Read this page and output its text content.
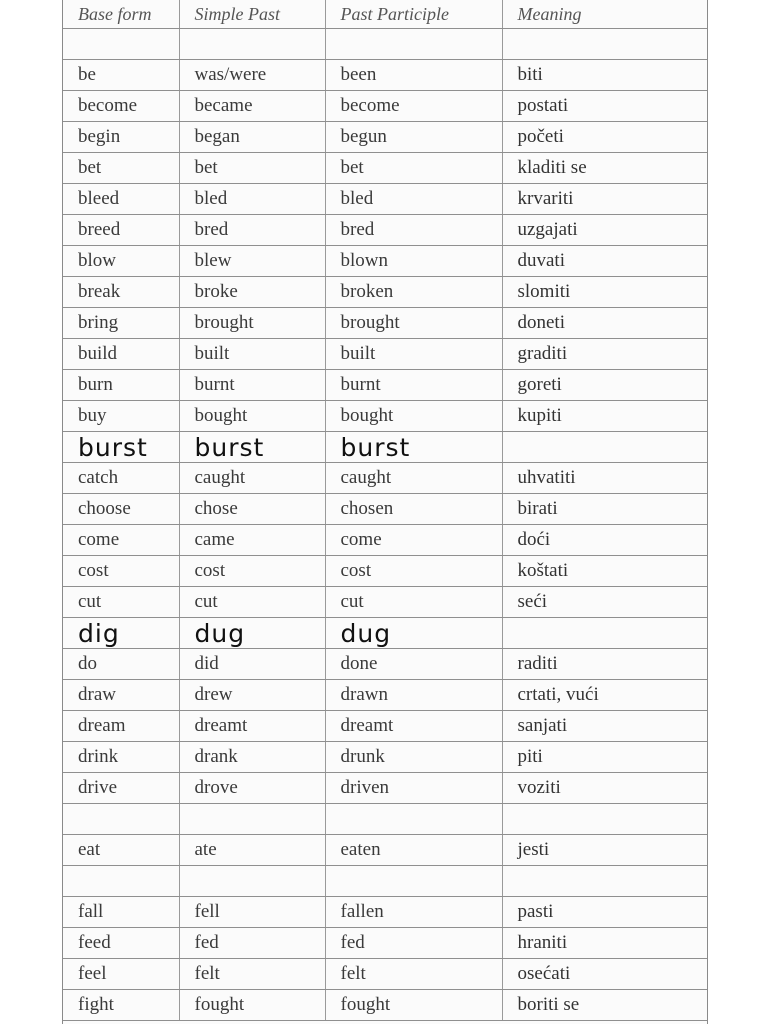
Base form	Simple Past	Past Participle	Meaning

be	was/were	been	biti
become	became	become	postati
begin	began	begun	početi
bet	bet	bet	kladiti se
bleed	bled	bled	krvariti
breed	bred	bred	uzgajati
blow	blew	blown	duvati
break	broke	broken	slomiti
bring	brought	brought	doneti
build	built	built	graditi
burn	burnt	burnt	goreti
buy	bought	bought	kupiti
burst	burst	burst	
catch	caught	caught	uhvatiti
choose	chose	chosen	birati
come	came	come	doći
cost	cost	cost	koštati
cut	cut	cut	seći
dig	dug	dug	
do	did	done	raditi
draw	drew	drawn	crtati, vući
dream	dreamt	dreamt	sanjati
drink	drank	drunk	piti
drive	drove	driven	voziti

eat	ate	eaten	jesti

fall	fell	fallen	pasti
feed	fed	fed	hraniti
feel	felt	felt	osećati
fight	fought	fought	boriti se
